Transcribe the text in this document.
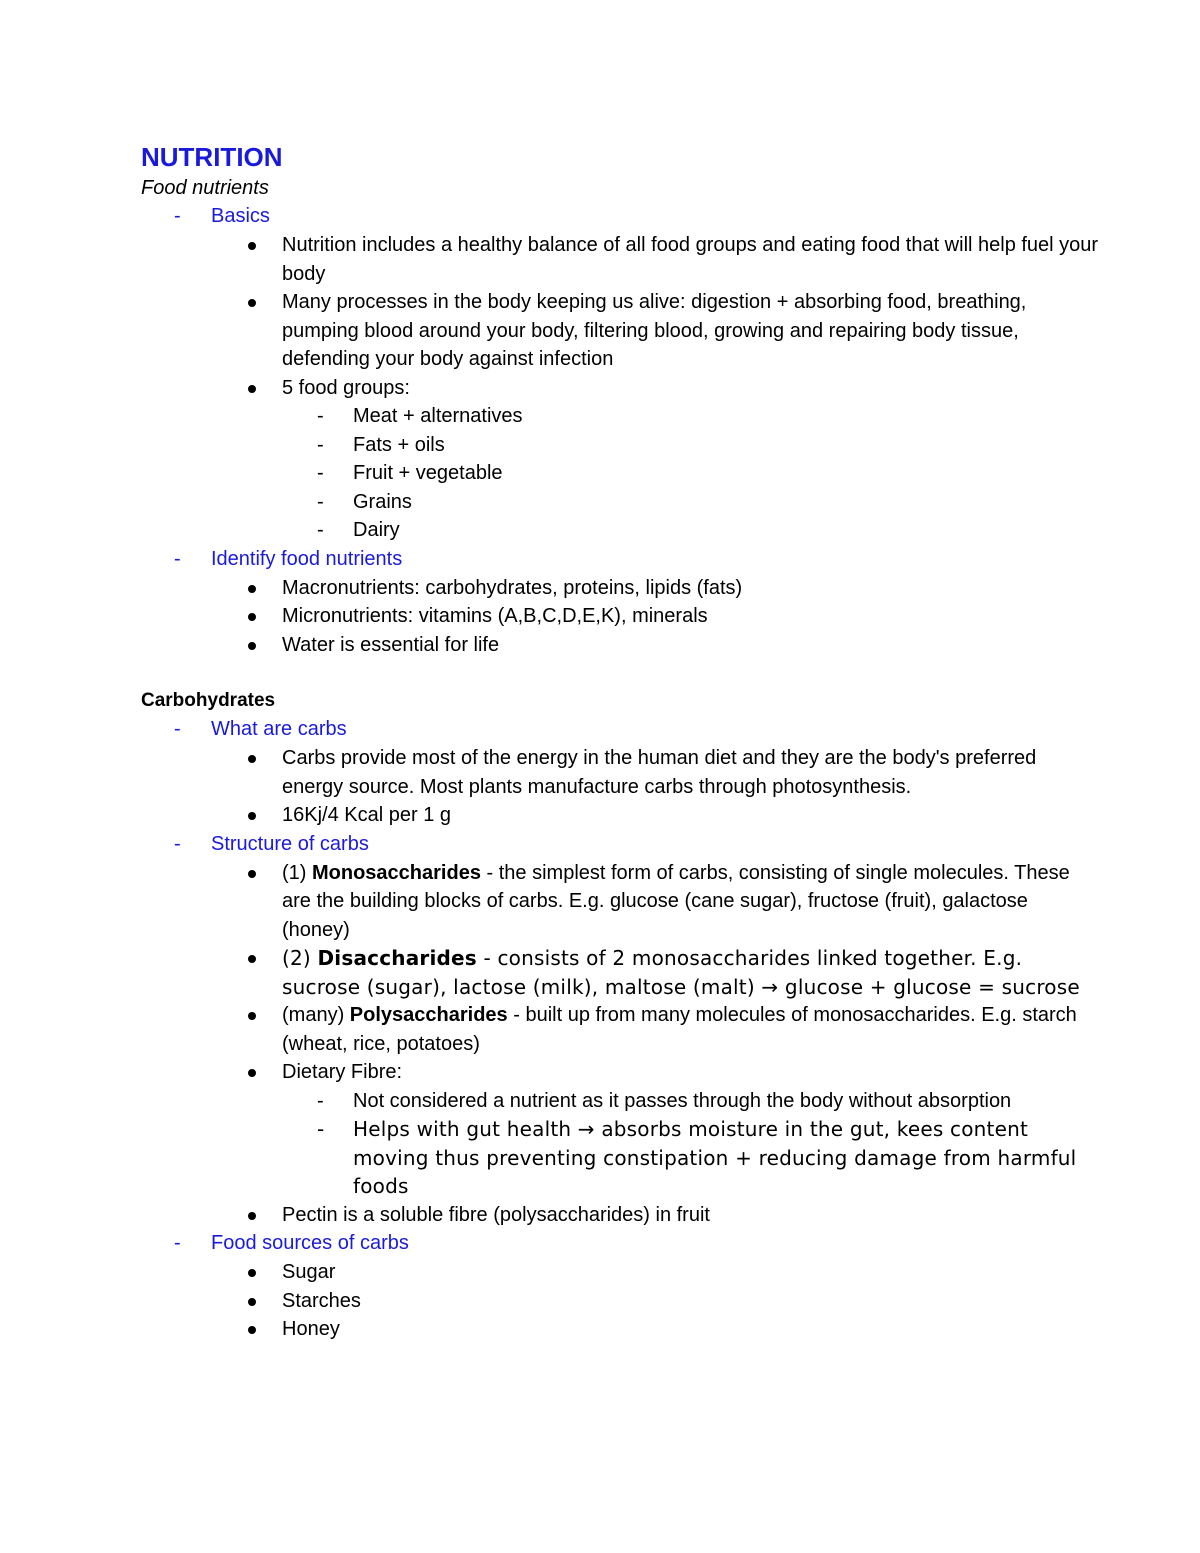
NUTRITION
Food nutrients
- Basics
Nutrition includes a healthy balance of all food groups and eating food that will help fuel your body
Many processes in the body keeping us alive: digestion + absorbing food, breathing, pumping blood around your body, filtering blood, growing and repairing body tissue, defending your body against infection
5 food groups:
- Meat + alternatives
- Fats + oils
- Fruit + vegetable
- Grains
- Dairy
- Identify food nutrients
Macronutrients: carbohydrates, proteins, lipids (fats)
Micronutrients: vitamins (A,B,C,D,E,K), minerals
Water is essential for life
Carbohydrates
- What are carbs
Carbs provide most of the energy in the human diet and they are the body's preferred energy source. Most plants manufacture carbs through photosynthesis.
16Kj/4 Kcal per 1 g
- Structure of carbs
(1) Monosaccharides - the simplest form of carbs, consisting of single molecules. These are the building blocks of carbs. E.g. glucose (cane sugar), fructose (fruit), galactose (honey)
(2) Disaccharides - consists of 2 monosaccharides linked together. E.g. sucrose (sugar), lactose (milk), maltose (malt) → glucose + glucose = sucrose
(many) Polysaccharides - built up from many molecules of monosaccharides. E.g. starch (wheat, rice, potatoes)
Dietary Fibre:
- Not considered a nutrient as it passes through the body without absorption
- Helps with gut health → absorbs moisture in the gut, kees content moving thus preventing constipation + reducing damage from harmful foods
Pectin is a soluble fibre (polysaccharides) in fruit
- Food sources of carbs
Sugar
Starches
Honey
